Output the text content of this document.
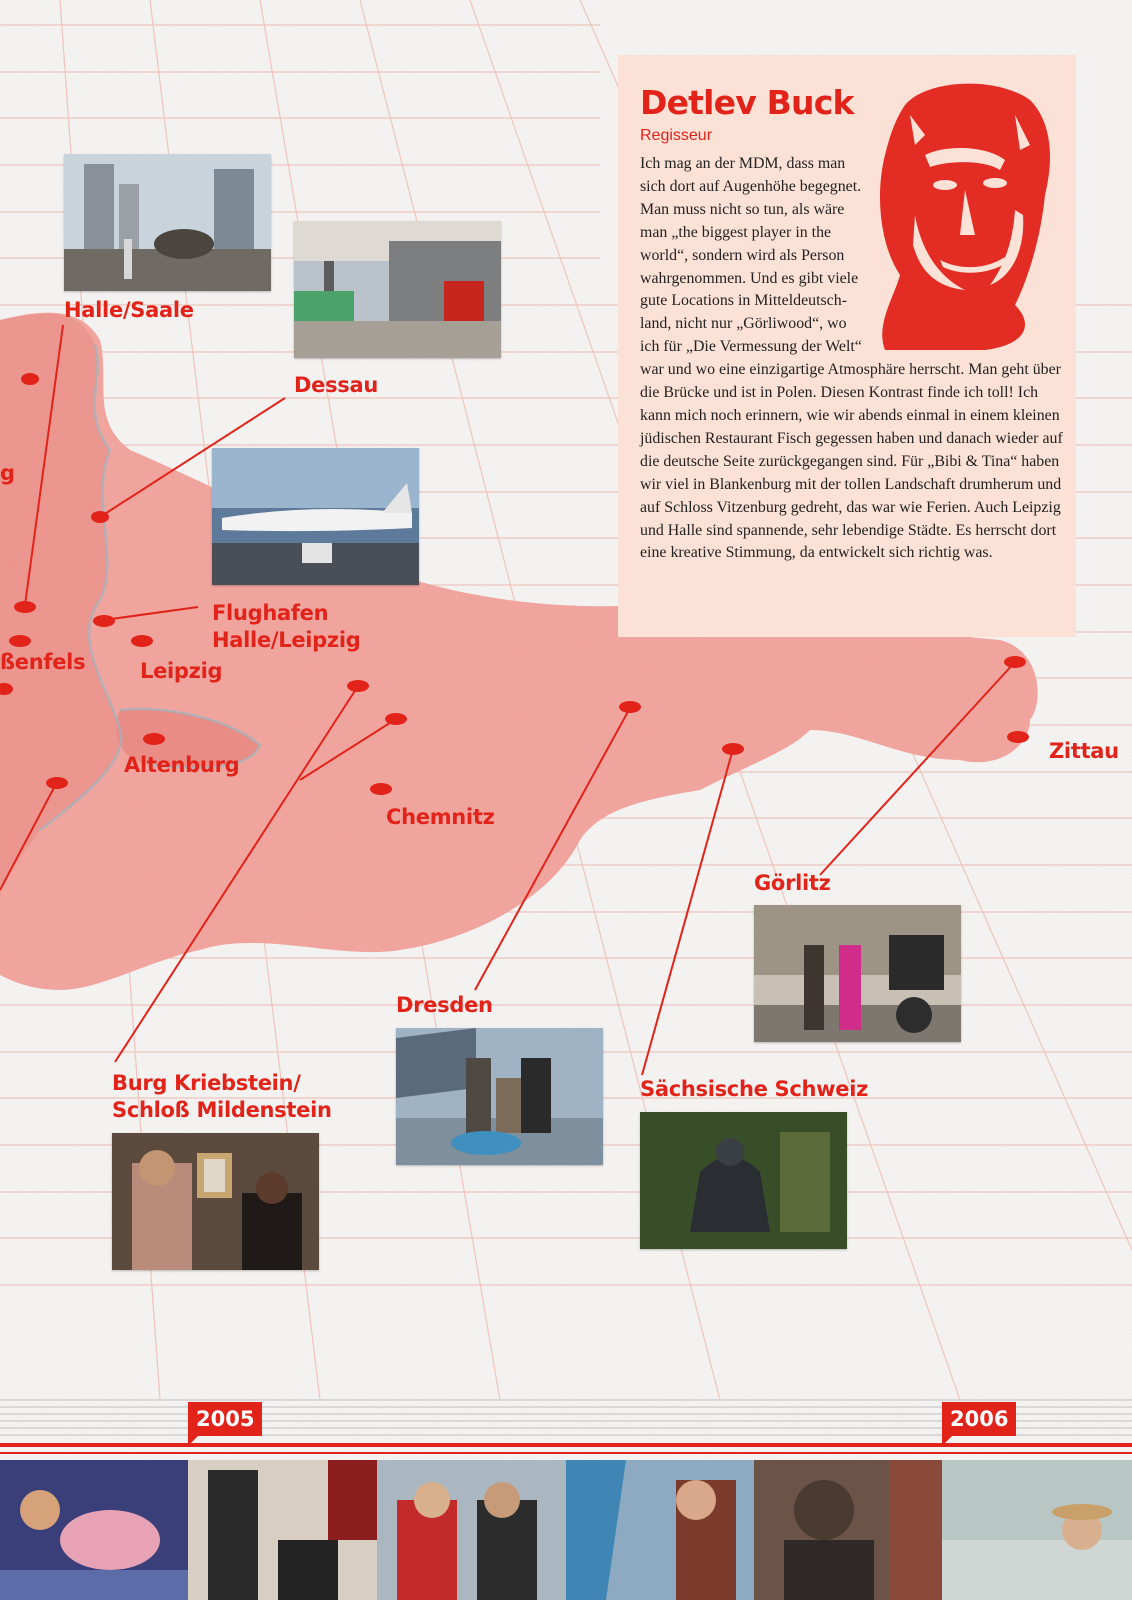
Halle/Saale
Dessau
g
Flughafen
Halle/Leipzig
ßenfels	Leipzig
Altenburg
Chemnitz
Zittau
Görlitz
Dresden
Burg Kriebstein/
Schloß Mildenstein
Sächsische Schweiz
Detlev Buck
Regisseur

Ich mag an der MDM, dass man sich dort auf Augenhöhe begegnet. Man muss nicht so tun, als wäre man „the biggest player in the world“, sondern wird als Person wahrgenommen. Und es gibt viele gute Locations in Mitteldeutschland, nicht nur „Görliwood“, wo ich für „Die Vermessung der Welt“ war und wo eine einzigartige Atmosphäre herrscht. Man geht über die Brücke und ist in Polen. Diesen Kontrast finde ich toll! Ich kann mich noch erinnern, wie wir abends einmal in einem kleinen jüdischen Restaurant Fisch gegessen haben und danach wieder auf die deutsche Seite zurückgegangen sind. Für „Bibi & Tina“ haben wir viel in Blankenburg mit der tollen Landschaft drumherum und auf Schloss Vitzenburg gedreht, das war wie Ferien. Auch Leipzig und Halle sind spannende, sehr lebendige Städte. Es herrscht dort eine kreative Stimmung, da entwickelt sich richtig was.

2005	2006
